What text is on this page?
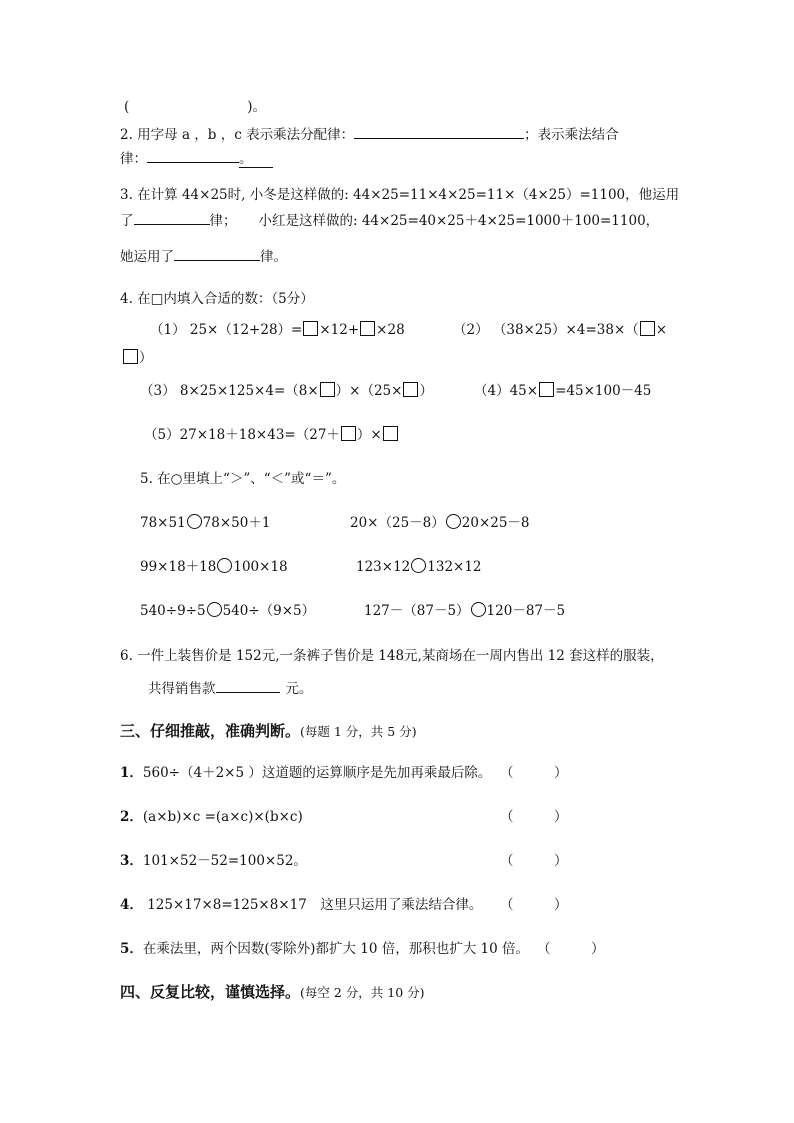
(	)。
2. 用字母 a ，b ，c 表示乘法分配律：	；表示乘法结合
律：	。
3. 在计算 44×25时, 小冬是这样做的: 44×25=11×4×25=11×（4×25）=1100，他运用
了	律； 小红是这样做的: 44×25=40×25＋4×25=1000＋100=1100，
她运用了	律。
4. 在□内填入合适的数：（5分）
（1） 25×（12+28）= ×12+ ×28	（2） （38×25）×4=38×（ ×
）
（3） 8×25×125×4=（8× ）×（25× ）	（4）45× =45×100－45
（5）27×18＋18×43=（27＋ ）×
5. 在○里填上“＞”、“＜”或“＝”。
78×51 78×50＋1	20×（25－8） 20×25－8
99×18＋18 100×18	123×12 132×12
540÷9÷5 540÷（9×5）	127－（87－5） 120－87－5
6. 一件上装售价是 152元,一条裤子售价是 148元,某商场在一周内售出 12 套这样的服装，
共得销售款	元。
三、仔细推敲，准确判断。(每题 1 分，共 5 分)
1．560÷（4＋2×5 ）这道题的运算顺序是先加再乘最后除。 （　　　）
2．(a×b)×c =(a×c)×(b×c)	（　　　）
3．101×52－52=100×52。	（　　　）
4． 125×17×8=125×8×17　这里只运用了乘法结合律。 （　　　）
5．在乘法里，两个因数(零除外)都扩大 10 倍，那积也扩大 10 倍。 （　　　）
四、反复比较，谨慎选择。(每空 2 分，共 10 分)
